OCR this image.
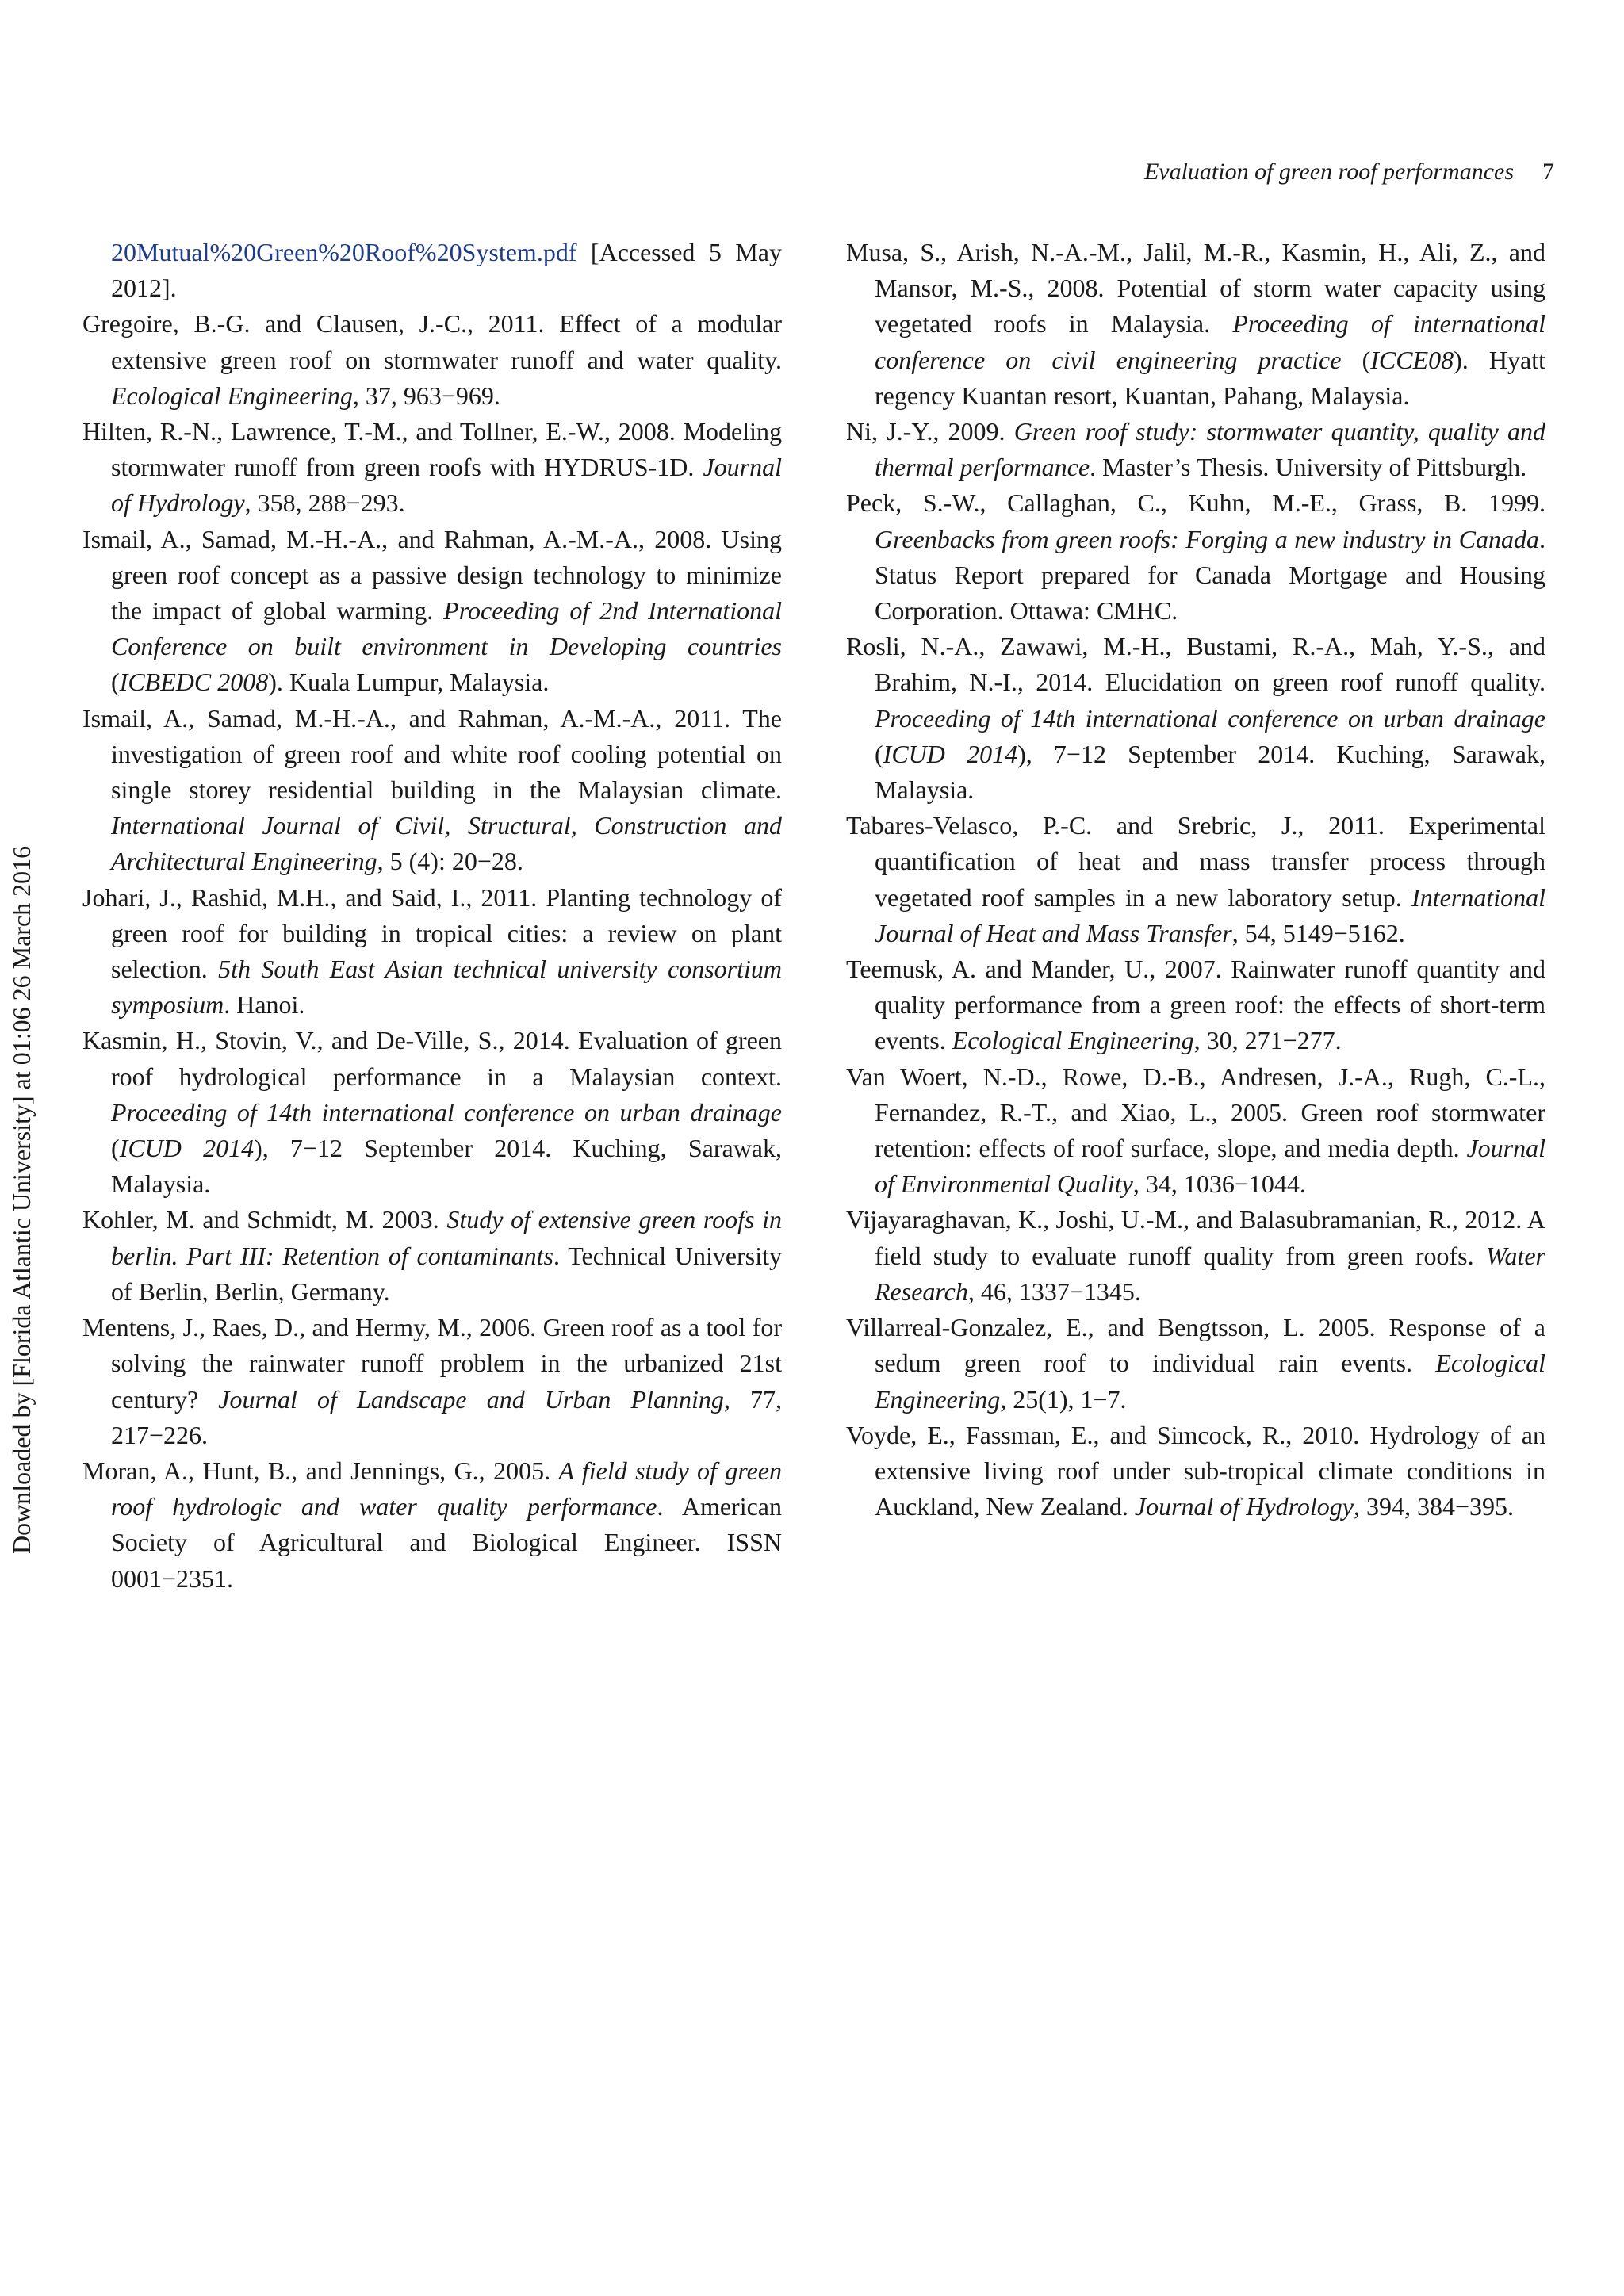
Evaluation of green roof performances 7
Downloaded by [Florida Atlantic University] at 01:06 26 March 2016

20Mutual%20Green%20Roof%20System.pdf [Accessed 5 May 2012].

Gregoire, B.-G. and Clausen, J.-C., 2011. Effect of a modular extensive green roof on stormwater runoff and water quality. Ecological Engineering, 37, 963−969.

Hilten, R.-N., Lawrence, T.-M., and Tollner, E.-W., 2008. Modeling stormwater runoff from green roofs with HYDRUS-1D. Journal of Hydrology, 358, 288−293.

Ismail, A., Samad, M.-H.-A., and Rahman, A.-M.-A., 2008. Using green roof concept as a passive design technology to minimize the impact of global warming. Proceeding of 2nd International Conference on built environment in Developing countries (ICBEDC 2008). Kuala Lumpur, Malaysia.

Ismail, A., Samad, M.-H.-A., and Rahman, A.-M.-A., 2011. The investigation of green roof and white roof cooling potential on single storey residential building in the Malaysian climate. International Journal of Civil, Structural, Construction and Architectural Engineering, 5 (4): 20−28.

Johari, J., Rashid, M.H., and Said, I., 2011. Planting technology of green roof for building in tropical cities: a review on plant selection. 5th South East Asian technical university consortium symposium. Hanoi.

Kasmin, H., Stovin, V., and De-Ville, S., 2014. Evaluation of green roof hydrological performance in a Malaysian context. Proceeding of 14th international conference on urban drainage (ICUD 2014), 7−12 September 2014. Kuching, Sarawak, Malaysia.

Kohler, M. and Schmidt, M. 2003. Study of extensive green roofs in berlin. Part III: Retention of contaminants. Technical University of Berlin, Berlin, Germany.

Mentens, J., Raes, D., and Hermy, M., 2006. Green roof as a tool for solving the rainwater runoff problem in the urbanized 21st century? Journal of Landscape and Urban Planning, 77, 217−226.

Moran, A., Hunt, B., and Jennings, G., 2005. A field study of green roof hydrologic and water quality performance. American Society of Agricultural and Biological Engineer. ISSN 0001−2351.

Musa, S., Arish, N.-A.-M., Jalil, M.-R., Kasmin, H., Ali, Z., and Mansor, M.-S., 2008. Potential of storm water capacity using vegetated roofs in Malaysia. Proceeding of international conference on civil engineering practice (ICCE08). Hyatt regency Kuantan resort, Kuantan, Pahang, Malaysia.

Ni, J.-Y., 2009. Green roof study: stormwater quantity, quality and thermal performance. Master’s Thesis. University of Pittsburgh.

Peck, S.-W., Callaghan, C., Kuhn, M.-E., Grass, B. 1999. Greenbacks from green roofs: Forging a new industry in Canada. Status Report prepared for Canada Mortgage and Housing Corporation. Ottawa: CMHC.

Rosli, N.-A., Zawawi, M.-H., Bustami, R.-A., Mah, Y.-S., and Brahim, N.-I., 2014. Elucidation on green roof runoff quality. Proceeding of 14th international conference on urban drainage (ICUD 2014), 7−12 September 2014. Kuching, Sarawak, Malaysia.

Tabares-Velasco, P.-C. and Srebric, J., 2011. Experimental quantification of heat and mass transfer process through vegetated roof samples in a new laboratory setup. International Journal of Heat and Mass Transfer, 54, 5149−5162.

Teemusk, A. and Mander, U., 2007. Rainwater runoff quantity and quality performance from a green roof: the effects of short-term events. Ecological Engineering, 30, 271−277.

Van Woert, N.-D., Rowe, D.-B., Andresen, J.-A., Rugh, C.-L., Fernandez, R.-T., and Xiao, L., 2005. Green roof stormwater retention: effects of roof surface, slope, and media depth. Journal of Environmental Quality, 34, 1036−1044.

Vijayaraghavan, K., Joshi, U.-M., and Balasubramanian, R., 2012. A field study to evaluate runoff quality from green roofs. Water Research, 46, 1337−1345.

Villarreal-Gonzalez, E., and Bengtsson, L. 2005. Response of a sedum green roof to individual rain events. Ecological Engineering, 25(1), 1−7.

Voyde, E., Fassman, E., and Simcock, R., 2010. Hydrology of an extensive living roof under sub-tropical climate conditions in Auckland, New Zealand. Journal of Hydrology, 394, 384−395.
